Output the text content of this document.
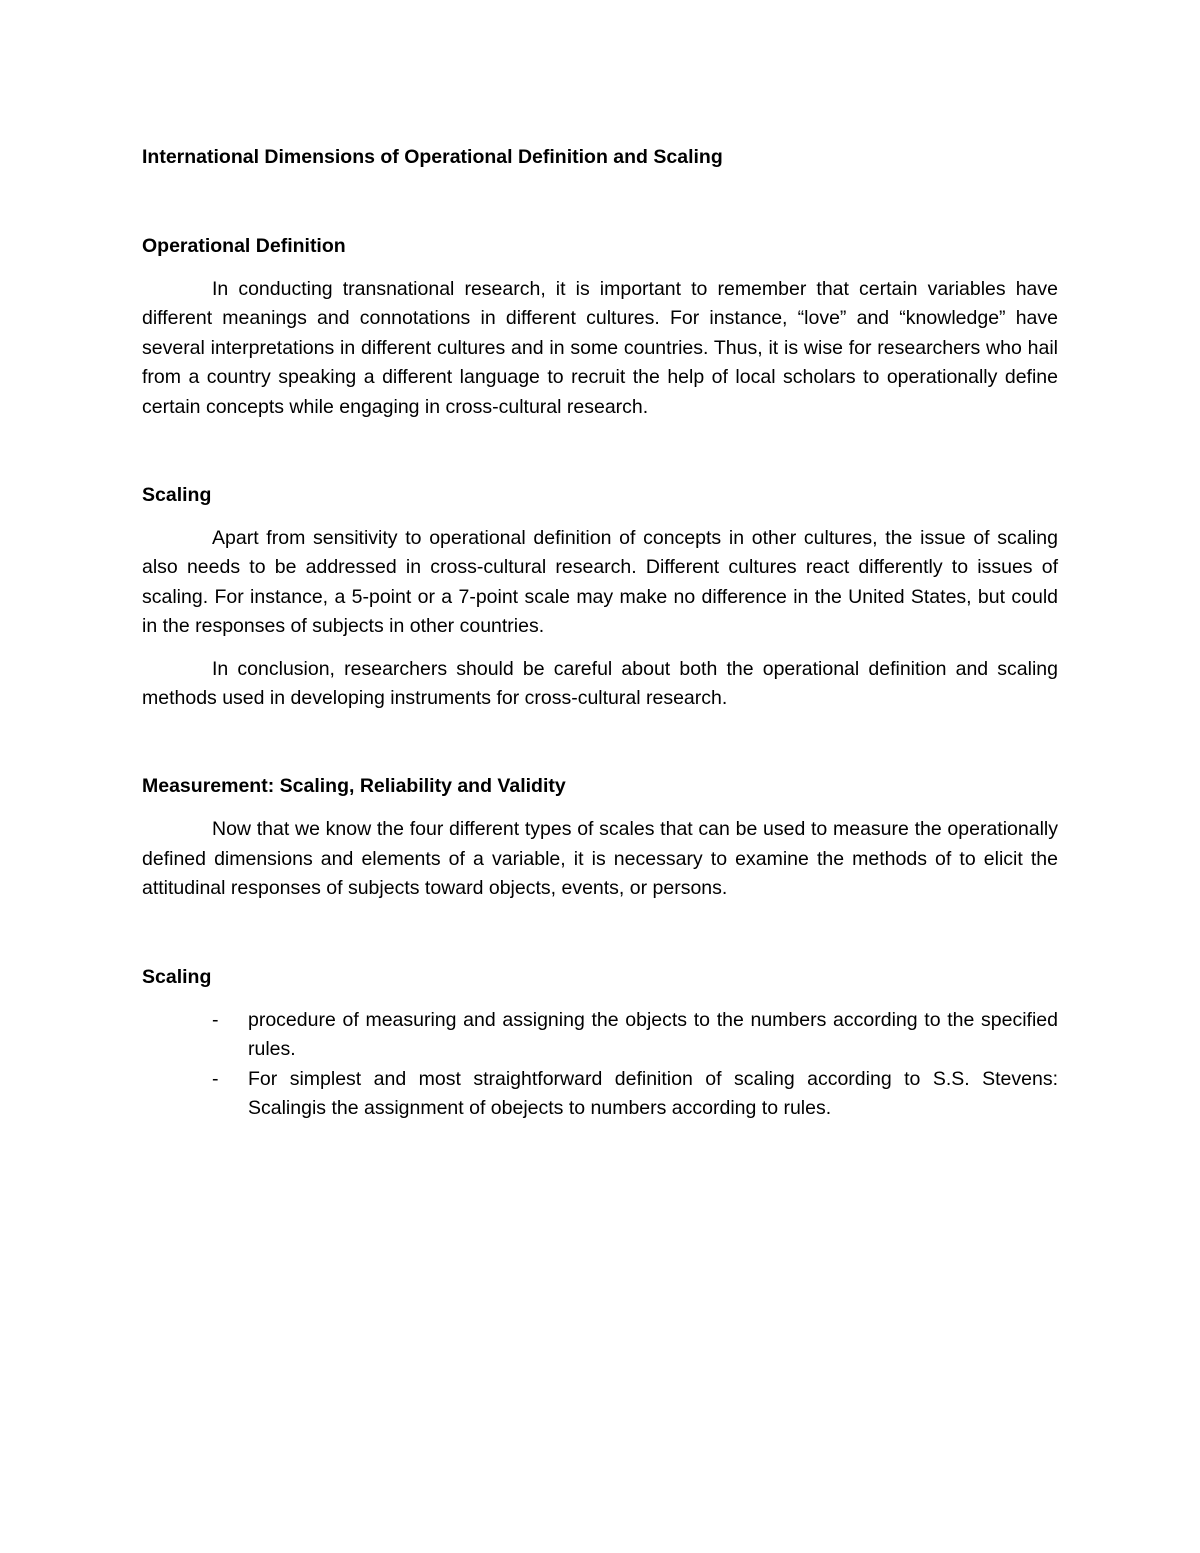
International Dimensions of Operational Definition and Scaling
Operational Definition

In conducting transnational research, it is important to remember that certain variables have different meanings and connotations in different cultures. For instance, “love” and “knowledge” have several interpretations in different cultures and in some countries. Thus, it is wise for researchers who hail from a country speaking a different language to recruit the help of local scholars to operationally define certain concepts while engaging in cross-cultural research.

Scaling

Apart from sensitivity to operational definition of concepts in other cultures, the issue of scaling also needs to be addressed in cross-cultural research. Different cultures react differently to issues of scaling. For instance, a 5-point or a 7-point scale may make no difference in the United States, but could in the responses of subjects in other countries.

In conclusion, researchers should be careful about both the operational definition and scaling methods used in developing instruments for cross-cultural research.

Measurement: Scaling, Reliability and Validity

Now that we know the four different types of scales that can be used to measure the operationally defined dimensions and elements of a variable, it is necessary to examine the methods of to elicit the attitudinal responses of subjects toward objects, events, or persons.

Scaling
- procedure of measuring and assigning the objects to the numbers according to the specified rules.
- For simplest and most straightforward definition of scaling according to S.S. Stevens: Scalingis the assignment of obejects to numbers according to rules.
